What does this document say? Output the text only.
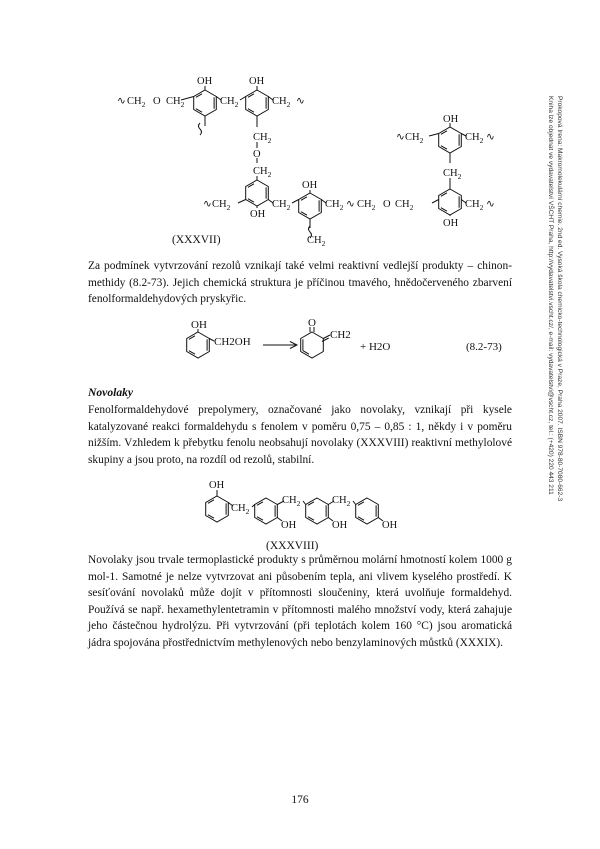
Prokopová Irena: Makromolekulární chemie. 2nd ed. Vysoká škola chemicko-technologická v Praze, Praha 2007. ISBN 978-80-7080-662-3
Kniha lze objednat ve vydavatelství VŠCHT Praha, http://vydavatelstvi.vscht.cz/, e-mail: vydavatelstvi@vscht.cz, tel.: (+420) 220 443 211
∿ $CH_2$ O $CH_2$
OH
$CH_2$
OH
$CH_2$ ∿
$CH_2$
O
$CH_2$
∿ $CH_2$
OH
$CH_2$
OH
$CH_2$ ∿ $CH_2$ O $CH_2$	$CH_2$ ∿
OH
$CH_2$
OH
∿ $CH_2$	$CH_2$ ∿
$CH_2$
(XXXVII)

Za podmínek vytvrzování rezolů vznikají také velmi reaktivní vedlejší produkty – chinon-methidy (8.2-73). Jejich chemická struktura je příčinou tmavého, hnědočerveného zbarvení fenolformaldehydových pryskyřic.

OH
CH2OH
O
CH2
+ H2O	(8.2-73)

Novolaky

Fenolformaldehydové prepolymery, označované jako novolaky, vznikají při kysele katalyzované reakci formaldehydu s fenolem v poměru 0,75 – 0,85 : 1, někdy i v poměru nižším. Vzhledem k přebytku fenolu neobsahují novolaky (XXXVIII) reaktivní methylolové skupiny a jsou proto, na rozdíl od rezolů, stabilní.

OH
$CH_2$
$CH_2$
OH
$CH_2$
OH	OH
(XXXVIII)

Novolaky jsou trvale termoplastické produkty s průměrnou molární hmotností kolem 1000 g mol-1. Samotné je nelze vytvrzovat ani působením tepla, ani vlivem kyselého prostředí. K sesíťování novolaků může dojít v přítomnosti sloučeniny, která uvolňuje formaldehyd. Používá se např. hexamethylentetramin v přítomnosti malého množství vody, která zahajuje jeho částečnou hydrolýzu. Při vytvrzování (při teplotách kolem 160 °C) jsou aromatická jádra spojována přostřednictvím methylenových nebo benzylaminových můstků (XXXIX).

176
